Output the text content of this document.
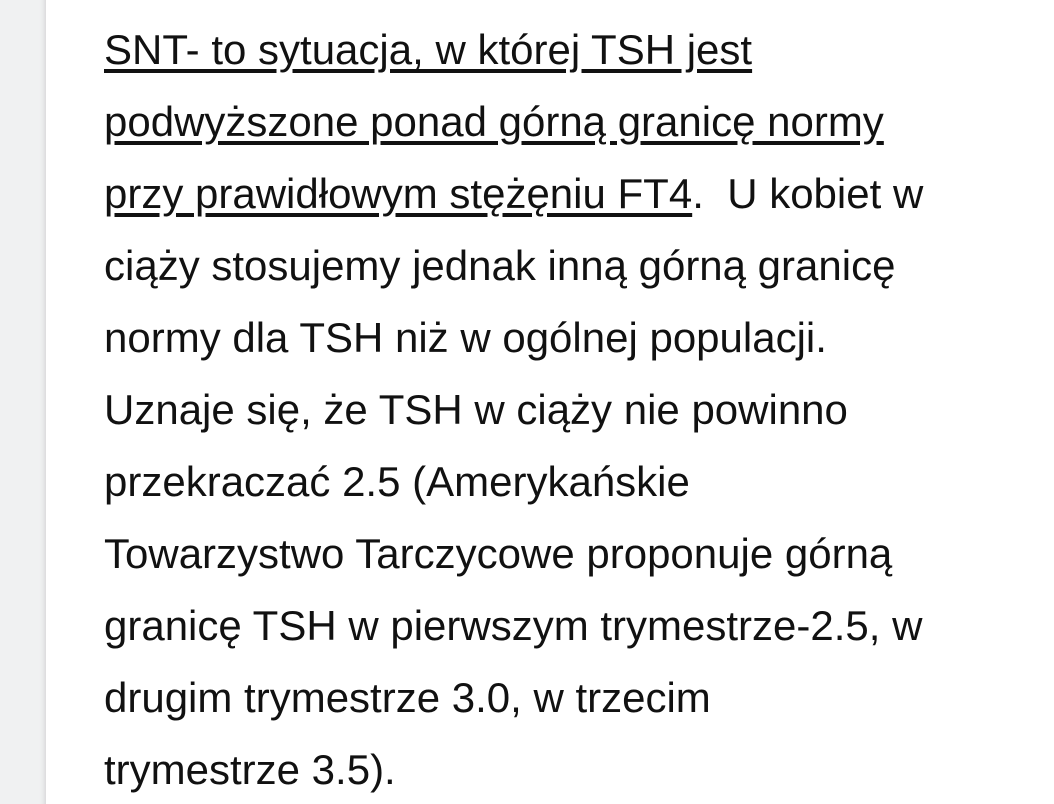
SNT- to sytuacja, w której TSH jest
podwyższone ponad górną granicę normy
przy prawidłowym stężęniu FT4.  U kobiet w
ciąży stosujemy jednak inną górną granicę
normy dla TSH niż w ogólnej populacji.
Uznaje się, że TSH w ciąży nie powinno
przekraczać 2.5 (Amerykańskie
Towarzystwo Tarczycowe proponuje górną
granicę TSH w pierwszym trymestrze-2.5, w
drugim trymestrze 3.0, w trzecim
trymestrze 3.5).
